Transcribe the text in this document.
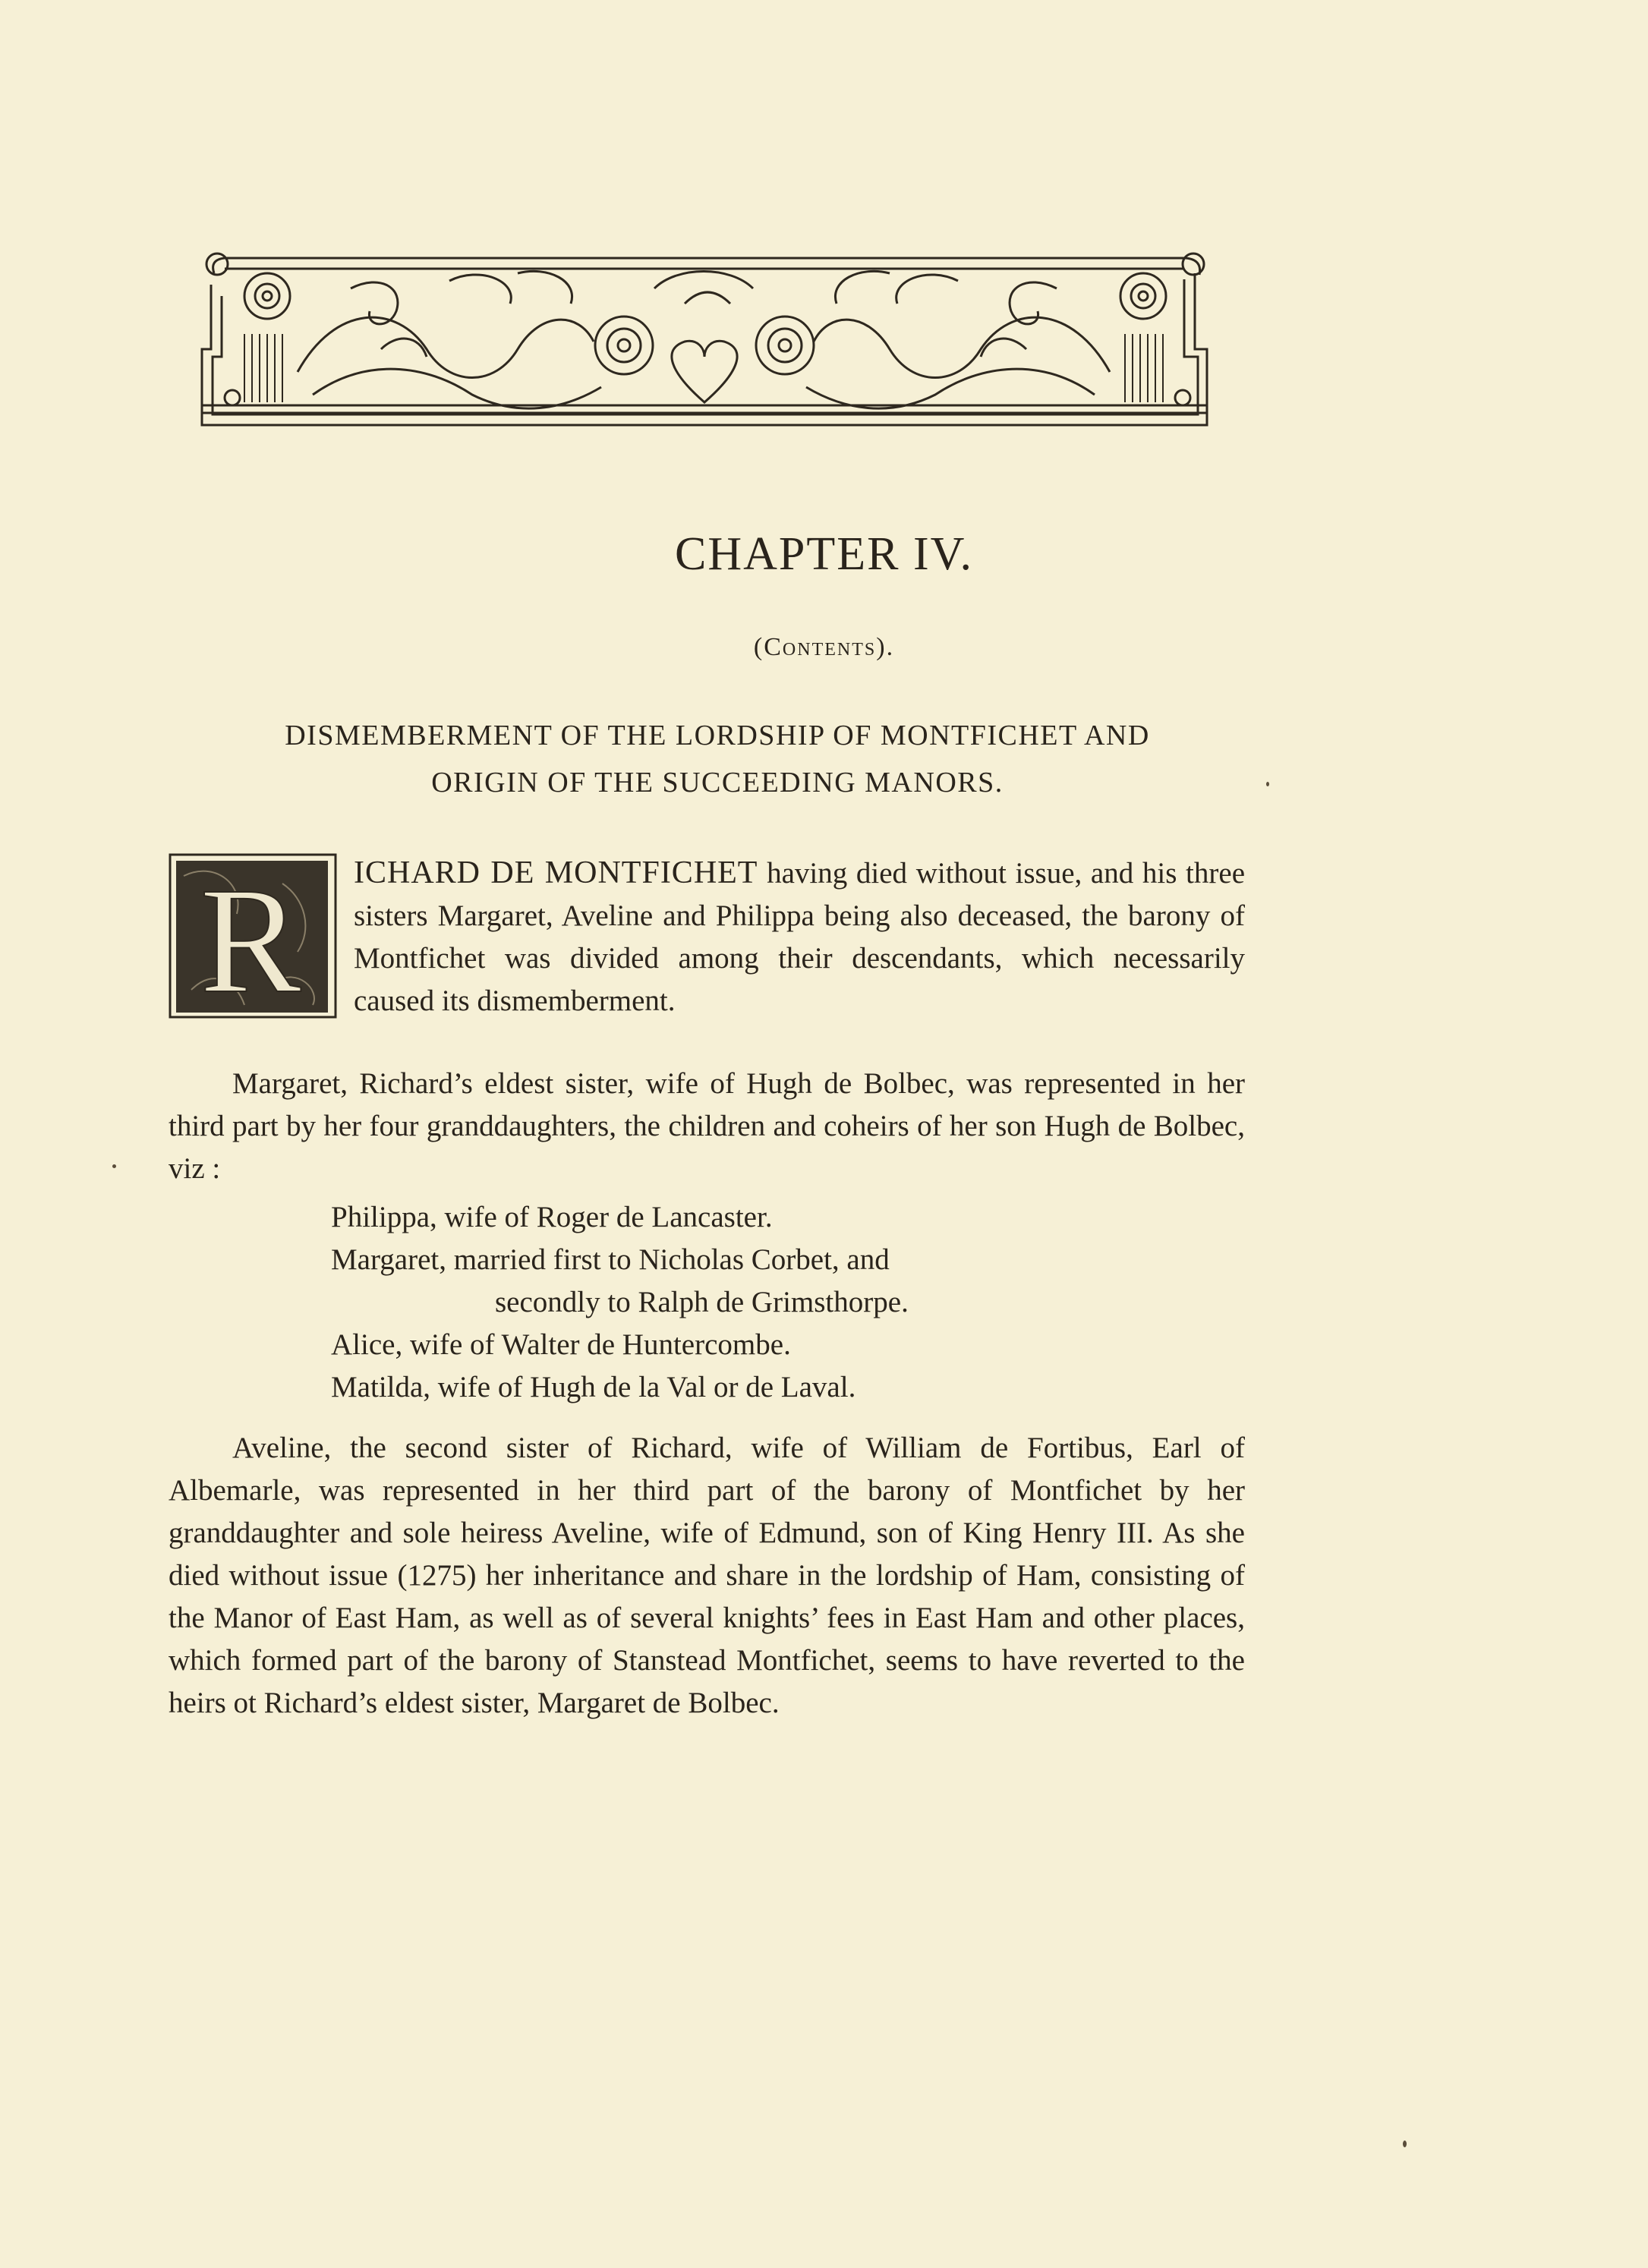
CHAPTER IV.
(Contents).
DISMEMBERMENT OF THE LORDSHIP OF MONTFICHET AND
ORIGIN OF THE SUCCEEDING MANORS.
R ICHARD DE MONTFICHET having died without issue, and his three sisters Margaret, Aveline and Philippa being also deceased, the barony of Montfichet was divided among their descendants, which necessarily caused its dismemberment.
Margaret, Richard’s eldest sister, wife of Hugh de Bolbec, was represented in her third part by her four granddaughters, the children and coheirs of her son Hugh de Bolbec, viz :
Philippa, wife of Roger de Lancaster.
Margaret, married first to Nicholas Corbet, and
secondly to Ralph de Grimsthorpe.
Alice, wife of Walter de Huntercombe.
Matilda, wife of Hugh de la Val or de Laval.
Aveline, the second sister of Richard, wife of William de Fortibus, Earl of Albemarle, was represented in her third part of the barony of Montfichet by her granddaughter and sole heiress Aveline, wife of Edmund, son of King Henry III. As she died without issue (1275) her inheritance and share in the lordship of Ham, consisting of the Manor of East Ham, as well as of several knights’ fees in East Ham and other places, which formed part of the barony of Stanstead Montfichet, seems to have reverted to the heirs ot Richard’s eldest sister, Margaret de Bolbec.
